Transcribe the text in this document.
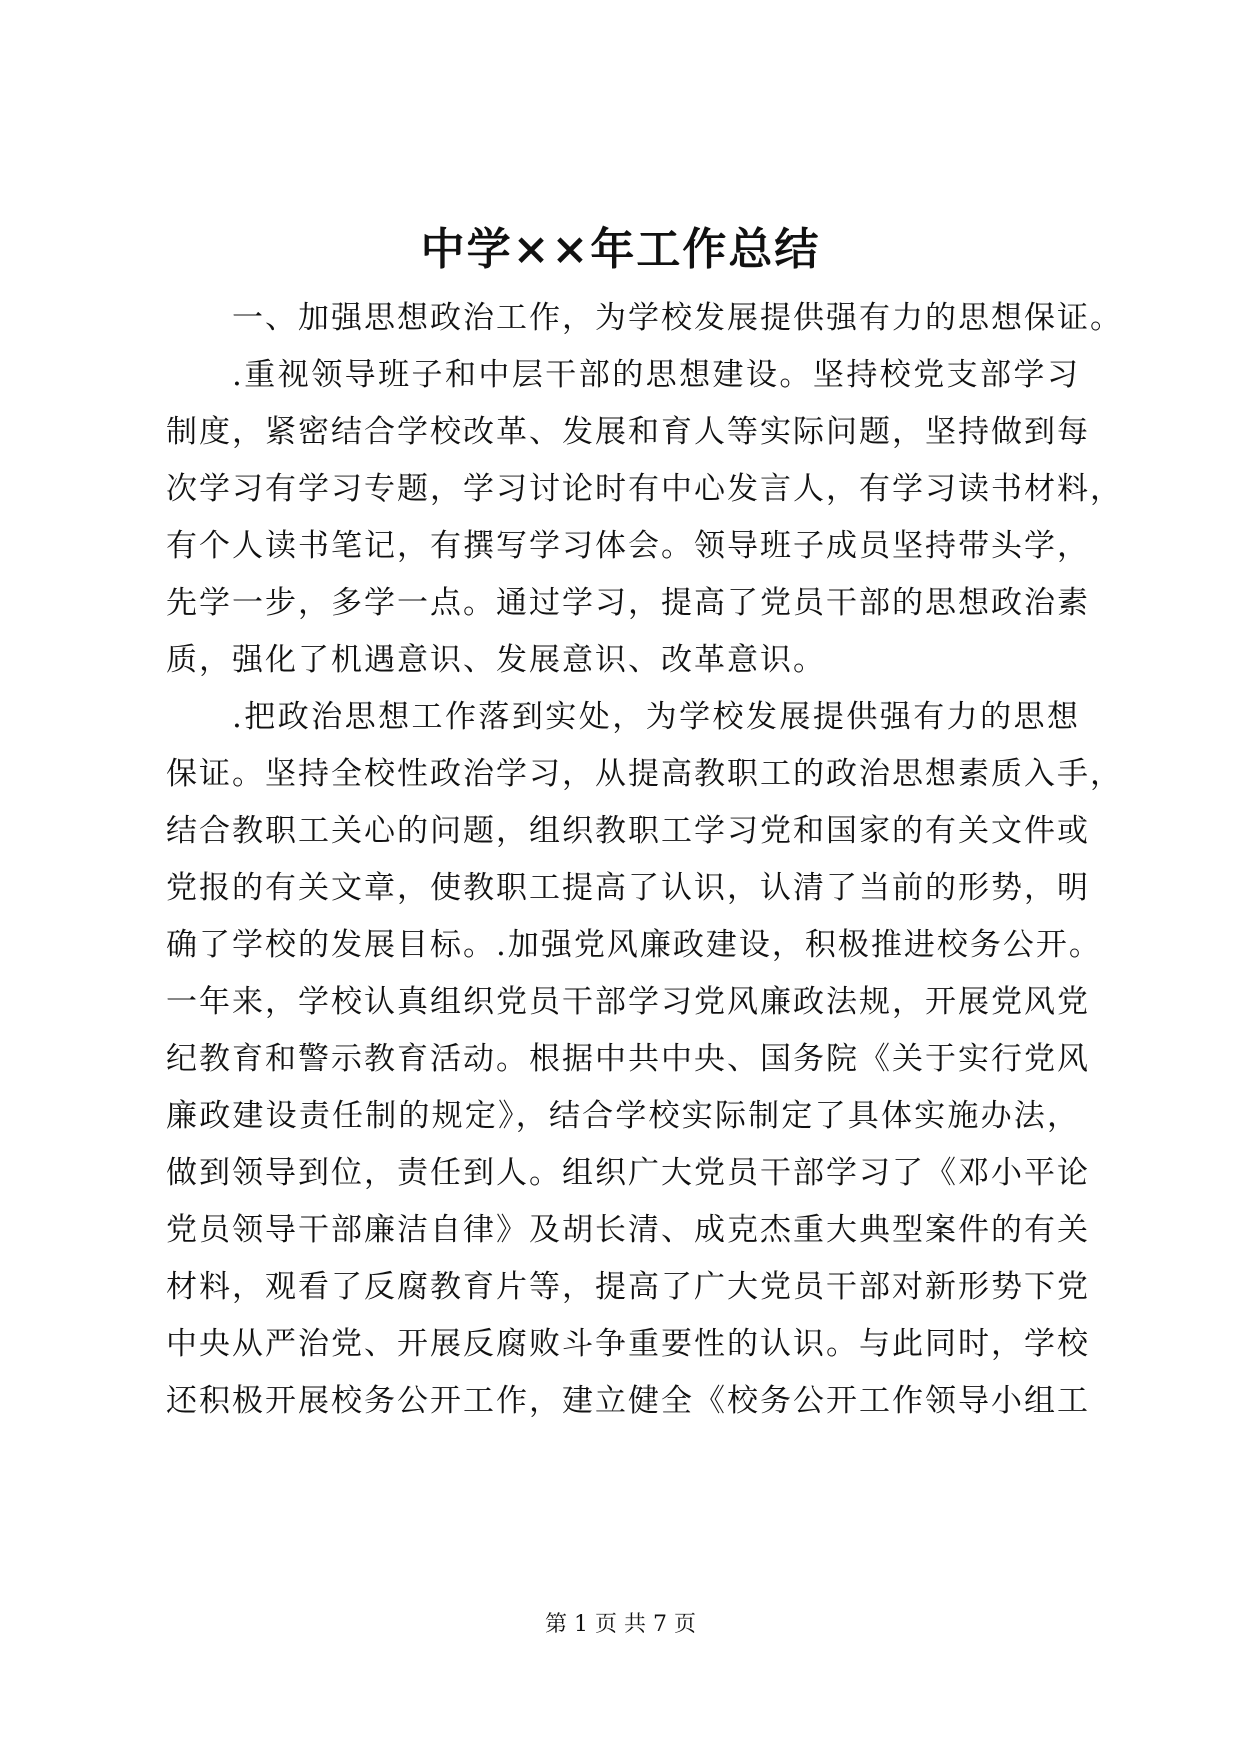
中学××年工作总结

一、加强思想政治工作，为学校发展提供强有力的思想保证。

.重视领导班子和中层干部的思想建设。坚持校党支部学习
制度，紧密结合学校改革、发展和育人等实际问题，坚持做到每
次学习有学习专题，学习讨论时有中心发言人，有学习读书材料，
有个人读书笔记，有撰写学习体会。领导班子成员坚持带头学，
先学一步，多学一点。通过学习，提高了党员干部的思想政治素
质，强化了机遇意识、发展意识、改革意识。

.把政治思想工作落到实处，为学校发展提供强有力的思想
保证。坚持全校性政治学习，从提高教职工的政治思想素质入手，
结合教职工关心的问题，组织教职工学习党和国家的有关文件或
党报的有关文章，使教职工提高了认识，认清了当前的形势，明
确了学校的发展目标。.加强党风廉政建设，积极推进校务公开。
一年来，学校认真组织党员干部学习党风廉政法规，开展党风党
纪教育和警示教育活动。根据中共中央、国务院《关于实行党风
廉政建设责任制的规定》，结合学校实际制定了具体实施办法，
做到领导到位，责任到人。组织广大党员干部学习了《邓小平论
党员领导干部廉洁自律》及胡长清、成克杰重大典型案件的有关
材料，观看了反腐教育片等，提高了广大党员干部对新形势下党
中央从严治党、开展反腐败斗争重要性的认识。与此同时，学校
还积极开展校务公开工作，建立健全《校务公开工作领导小组工

第 1 页 共 7 页
